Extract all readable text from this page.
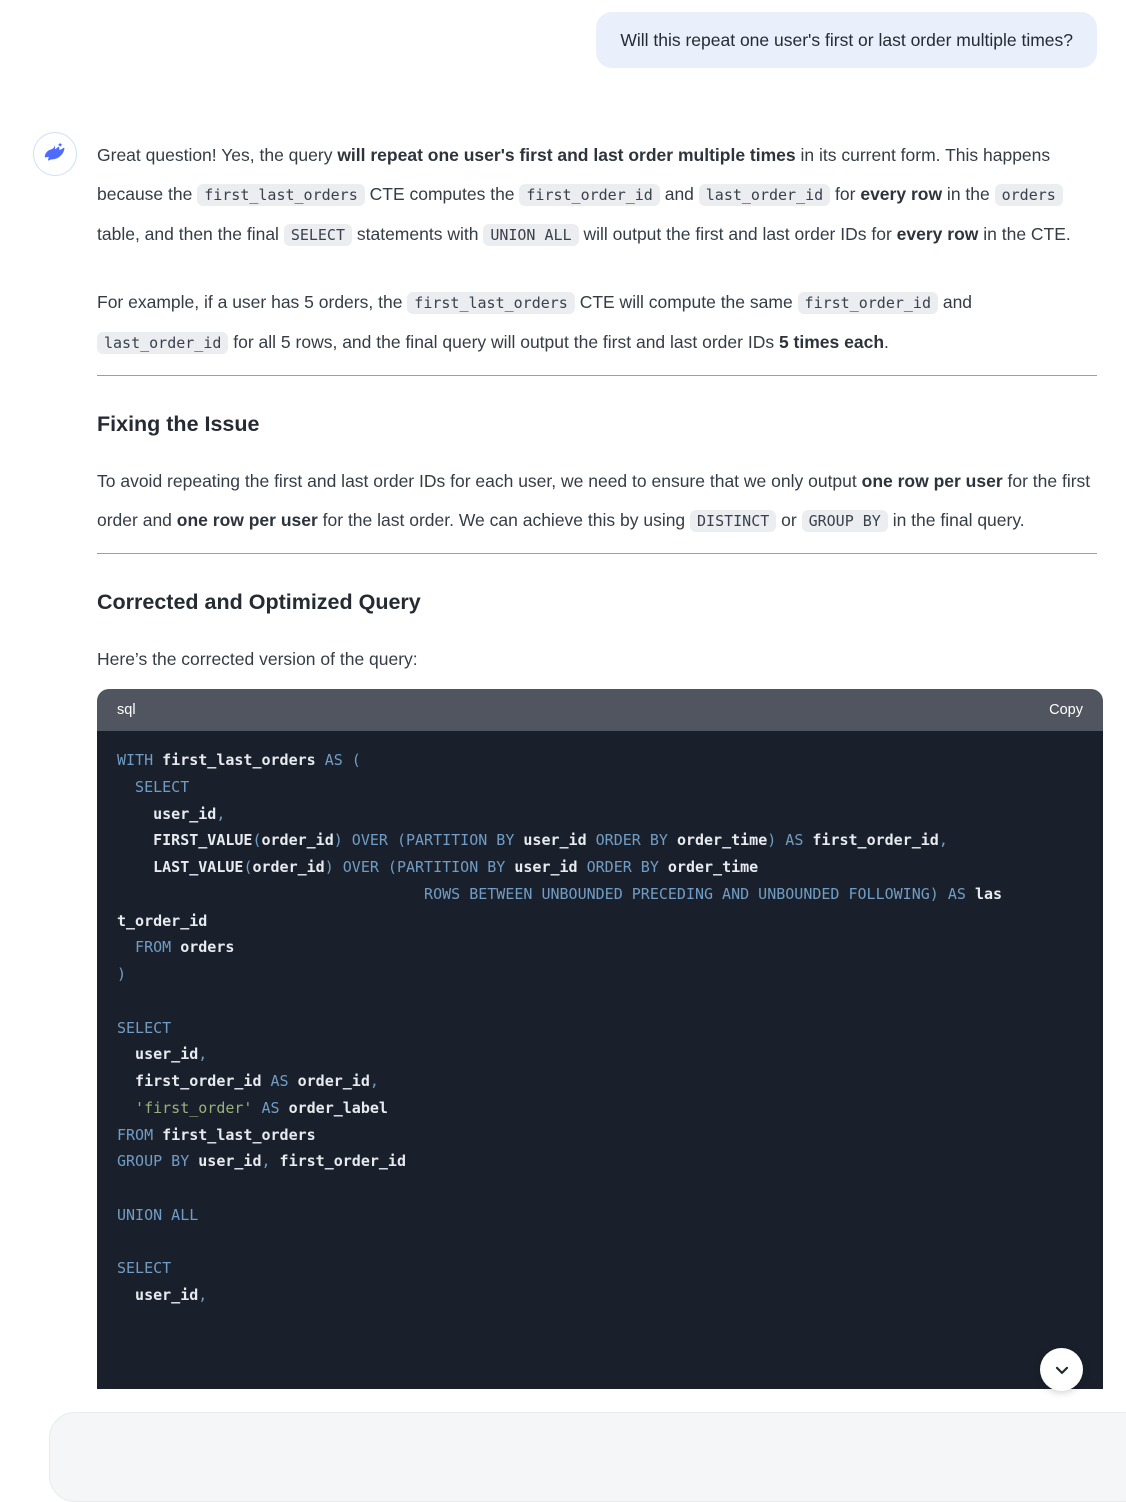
Will this repeat one user's first or last order multiple times?

Great question! Yes, the query will repeat one user's first and last order multiple times in its current form. This happens because the first_last_orders CTE computes the first_order_id and last_order_id for every row in the orders table, and then the final SELECT statements with UNION ALL will output the first and last order IDs for every row in the CTE.

For example, if a user has 5 orders, the first_last_orders CTE will compute the same first_order_id and last_order_id for all 5 rows, and the final query will output the first and last order IDs 5 times each.

Fixing the Issue

To avoid repeating the first and last order IDs for each user, we need to ensure that we only output one row per user for the first order and one row per user for the last order. We can achieve this by using DISTINCT or GROUP BY in the final query.

Corrected and Optimized Query

Here’s the corrected version of the query:

sql	Copy
WITH first_last_orders AS (
SELECT
user_id,
FIRST_VALUE(order_id) OVER (PARTITION BY user_id ORDER BY order_time) AS first_order_id,
LAST_VALUE(order_id) OVER (PARTITION BY user_id ORDER BY order_time
ROWS BETWEEN UNBOUNDED PRECEDING AND UNBOUNDED FOLLOWING) AS las
t_order_id
FROM orders
)

SELECT
user_id,
first_order_id AS order_id,
'first_order' AS order_label
FROM first_last_orders
GROUP BY user_id, first_order_id

UNION ALL

SELECT
user_id,
